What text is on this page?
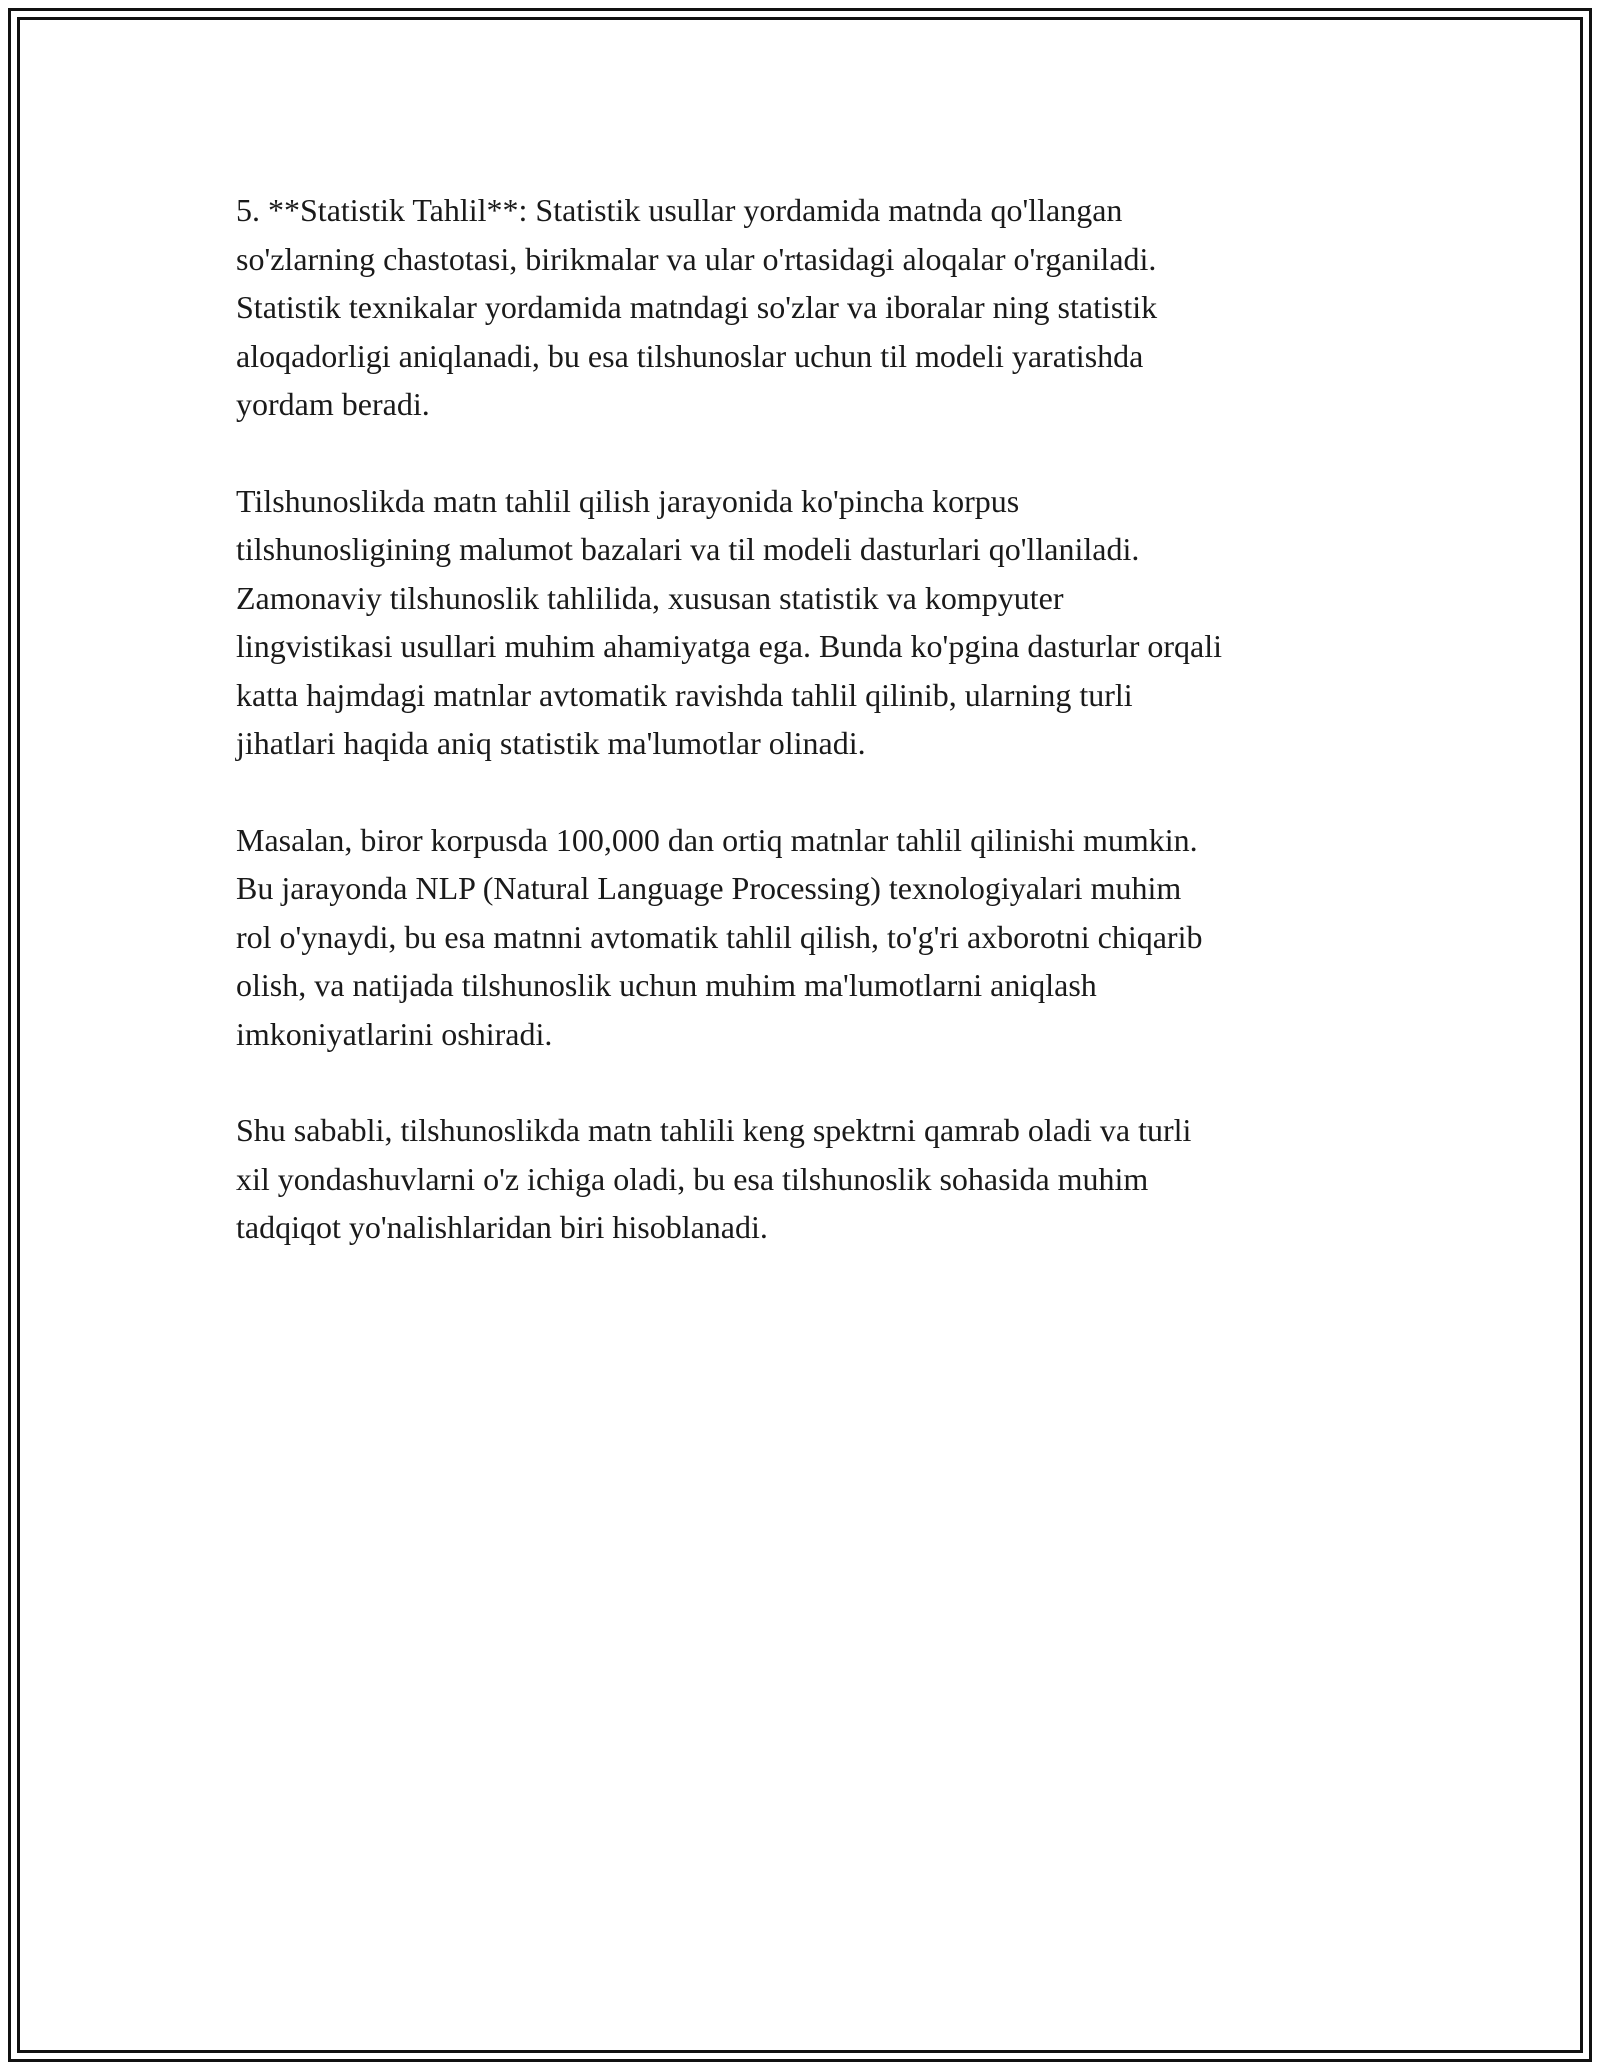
5. **Statistik Tahlil**: Statistik usullar yordamida matnda qo'llangan
so'zlarning chastotasi, birikmalar va ular o'rtasidagi aloqalar o'rganiladi.
Statistik texnikalar yordamida matndagi so'zlar va iboralar ning statistik
aloqadorligi aniqlanadi, bu esa tilshunoslar uchun til modeli yaratishda
yordam beradi.

Tilshunoslikda matn tahlil qilish jarayonida ko'pincha korpus
tilshunosligining malumot bazalari va til modeli dasturlari qo'llaniladi.
Zamonaviy tilshunoslik tahlilida, xususan statistik va kompyuter
lingvistikasi usullari muhim ahamiyatga ega. Bunda ko'pgina dasturlar orqali
katta hajmdagi matnlar avtomatik ravishda tahlil qilinib, ularning turli
jihatlari haqida aniq statistik ma'lumotlar olinadi.

Masalan, biror korpusda 100,000 dan ortiq matnlar tahlil qilinishi mumkin.
Bu jarayonda NLP (Natural Language Processing) texnologiyalari muhim
rol o'ynaydi, bu esa matnni avtomatik tahlil qilish, to'g'ri axborotni chiqarib
olish, va natijada tilshunoslik uchun muhim ma'lumotlarni aniqlash
imkoniyatlarini oshiradi.

Shu sababli, tilshunoslikda matn tahlili keng spektrni qamrab oladi va turli
xil yondashuvlarni o'z ichiga oladi, bu esa tilshunoslik sohasida muhim
tadqiqot yo'nalishlaridan biri hisoblanadi.
